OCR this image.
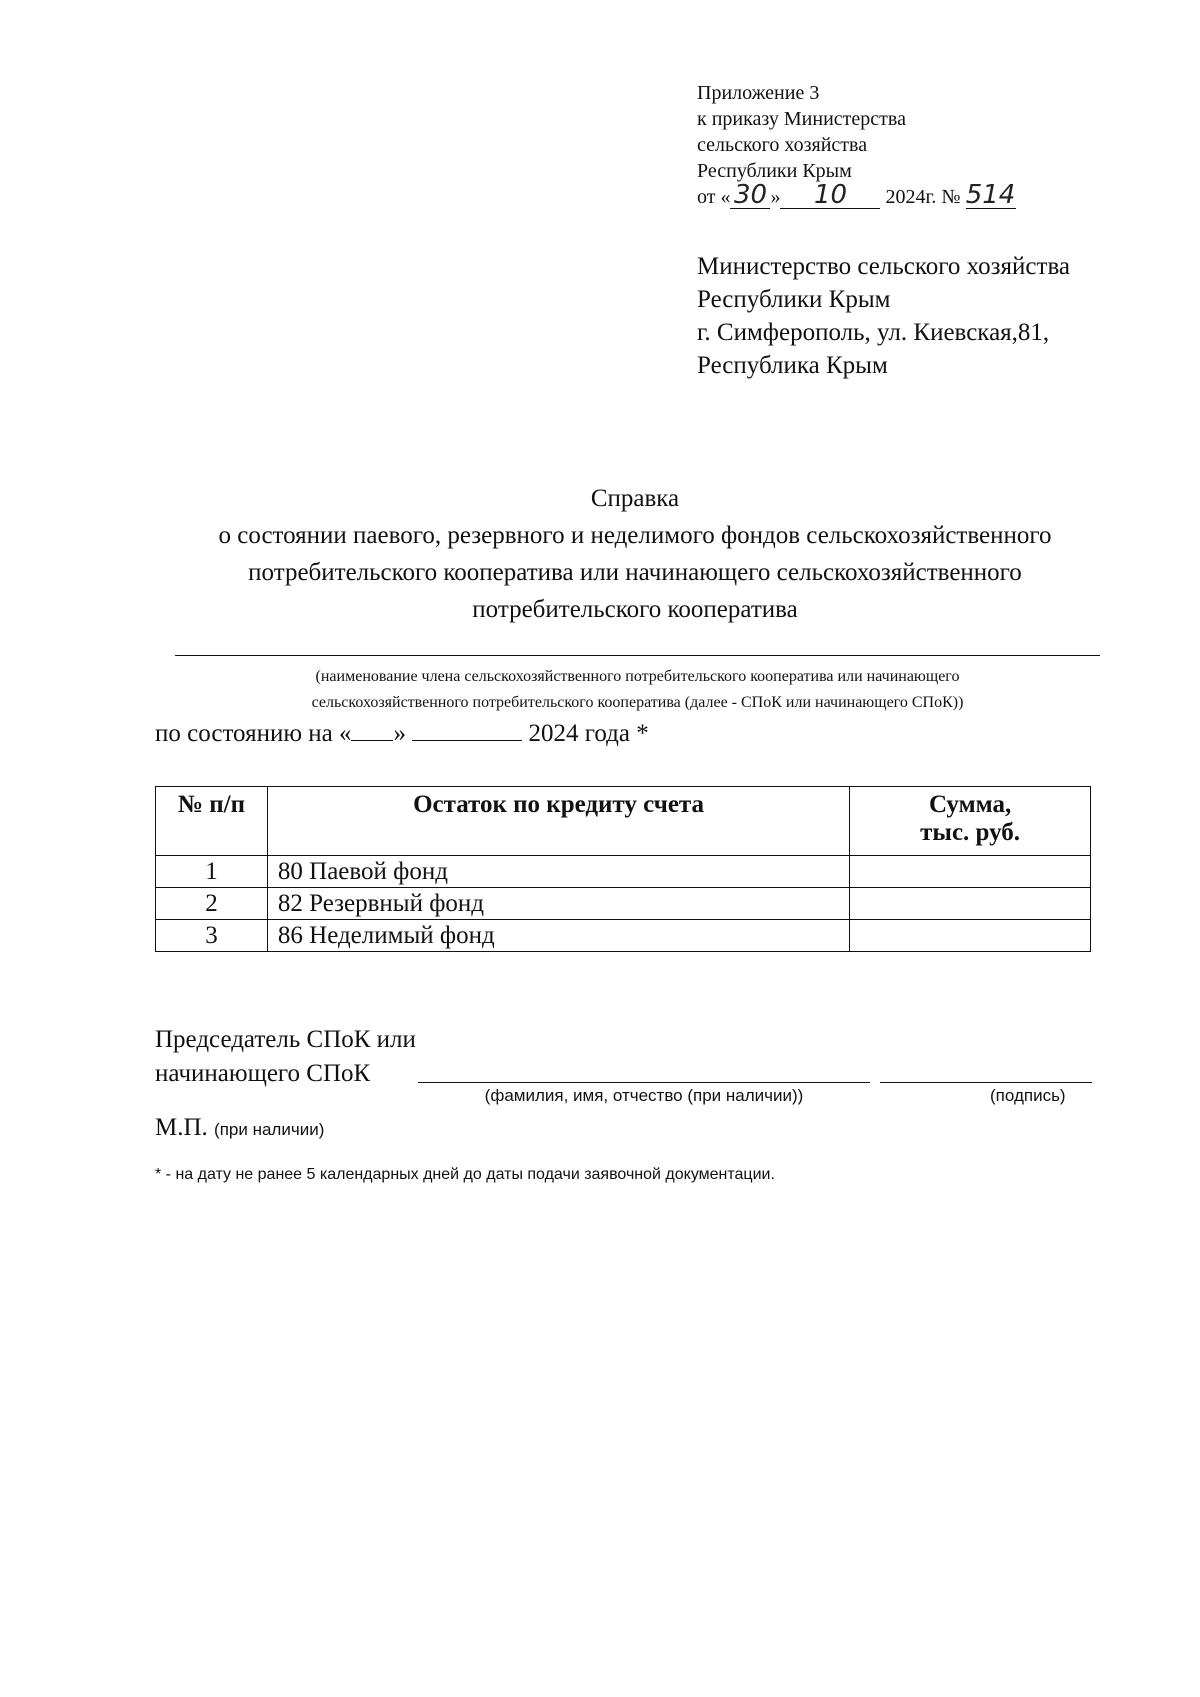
Приложение 3
к приказу Министерства
сельского хозяйства
Республики Крым
от « 30 » 10 2024г. № 514
Министерство сельского хозяйства
Республики Крым
г. Симферополь, ул. Киевская,81,
Республика Крым
Справка
о состоянии паевого, резервного и неделимого фондов сельскохозяйственного
потребительского кооператива или начинающего сельскохозяйственного
потребительского кооператива
(наименование члена сельскохозяйственного потребительского кооператива или начинающего
сельскохозяйственного потребительского кооператива (далее - СПоК или начинающего СПоК))
по состоянию на « »	2024 года *
№ п/п	Остаток по кредиту счета	Сумма,
тыс. руб.

1	80 Паевой фонд	
2	82 Резервный фонд	
3	86 Неделимый фонд	
Председатель СПоК или
начинающего СПоК
(фамилия, имя, отчество (при наличии))	(подпись)
М.П. (при наличии)
* - на дату не ранее 5 календарных дней до даты подачи заявочной документации.
